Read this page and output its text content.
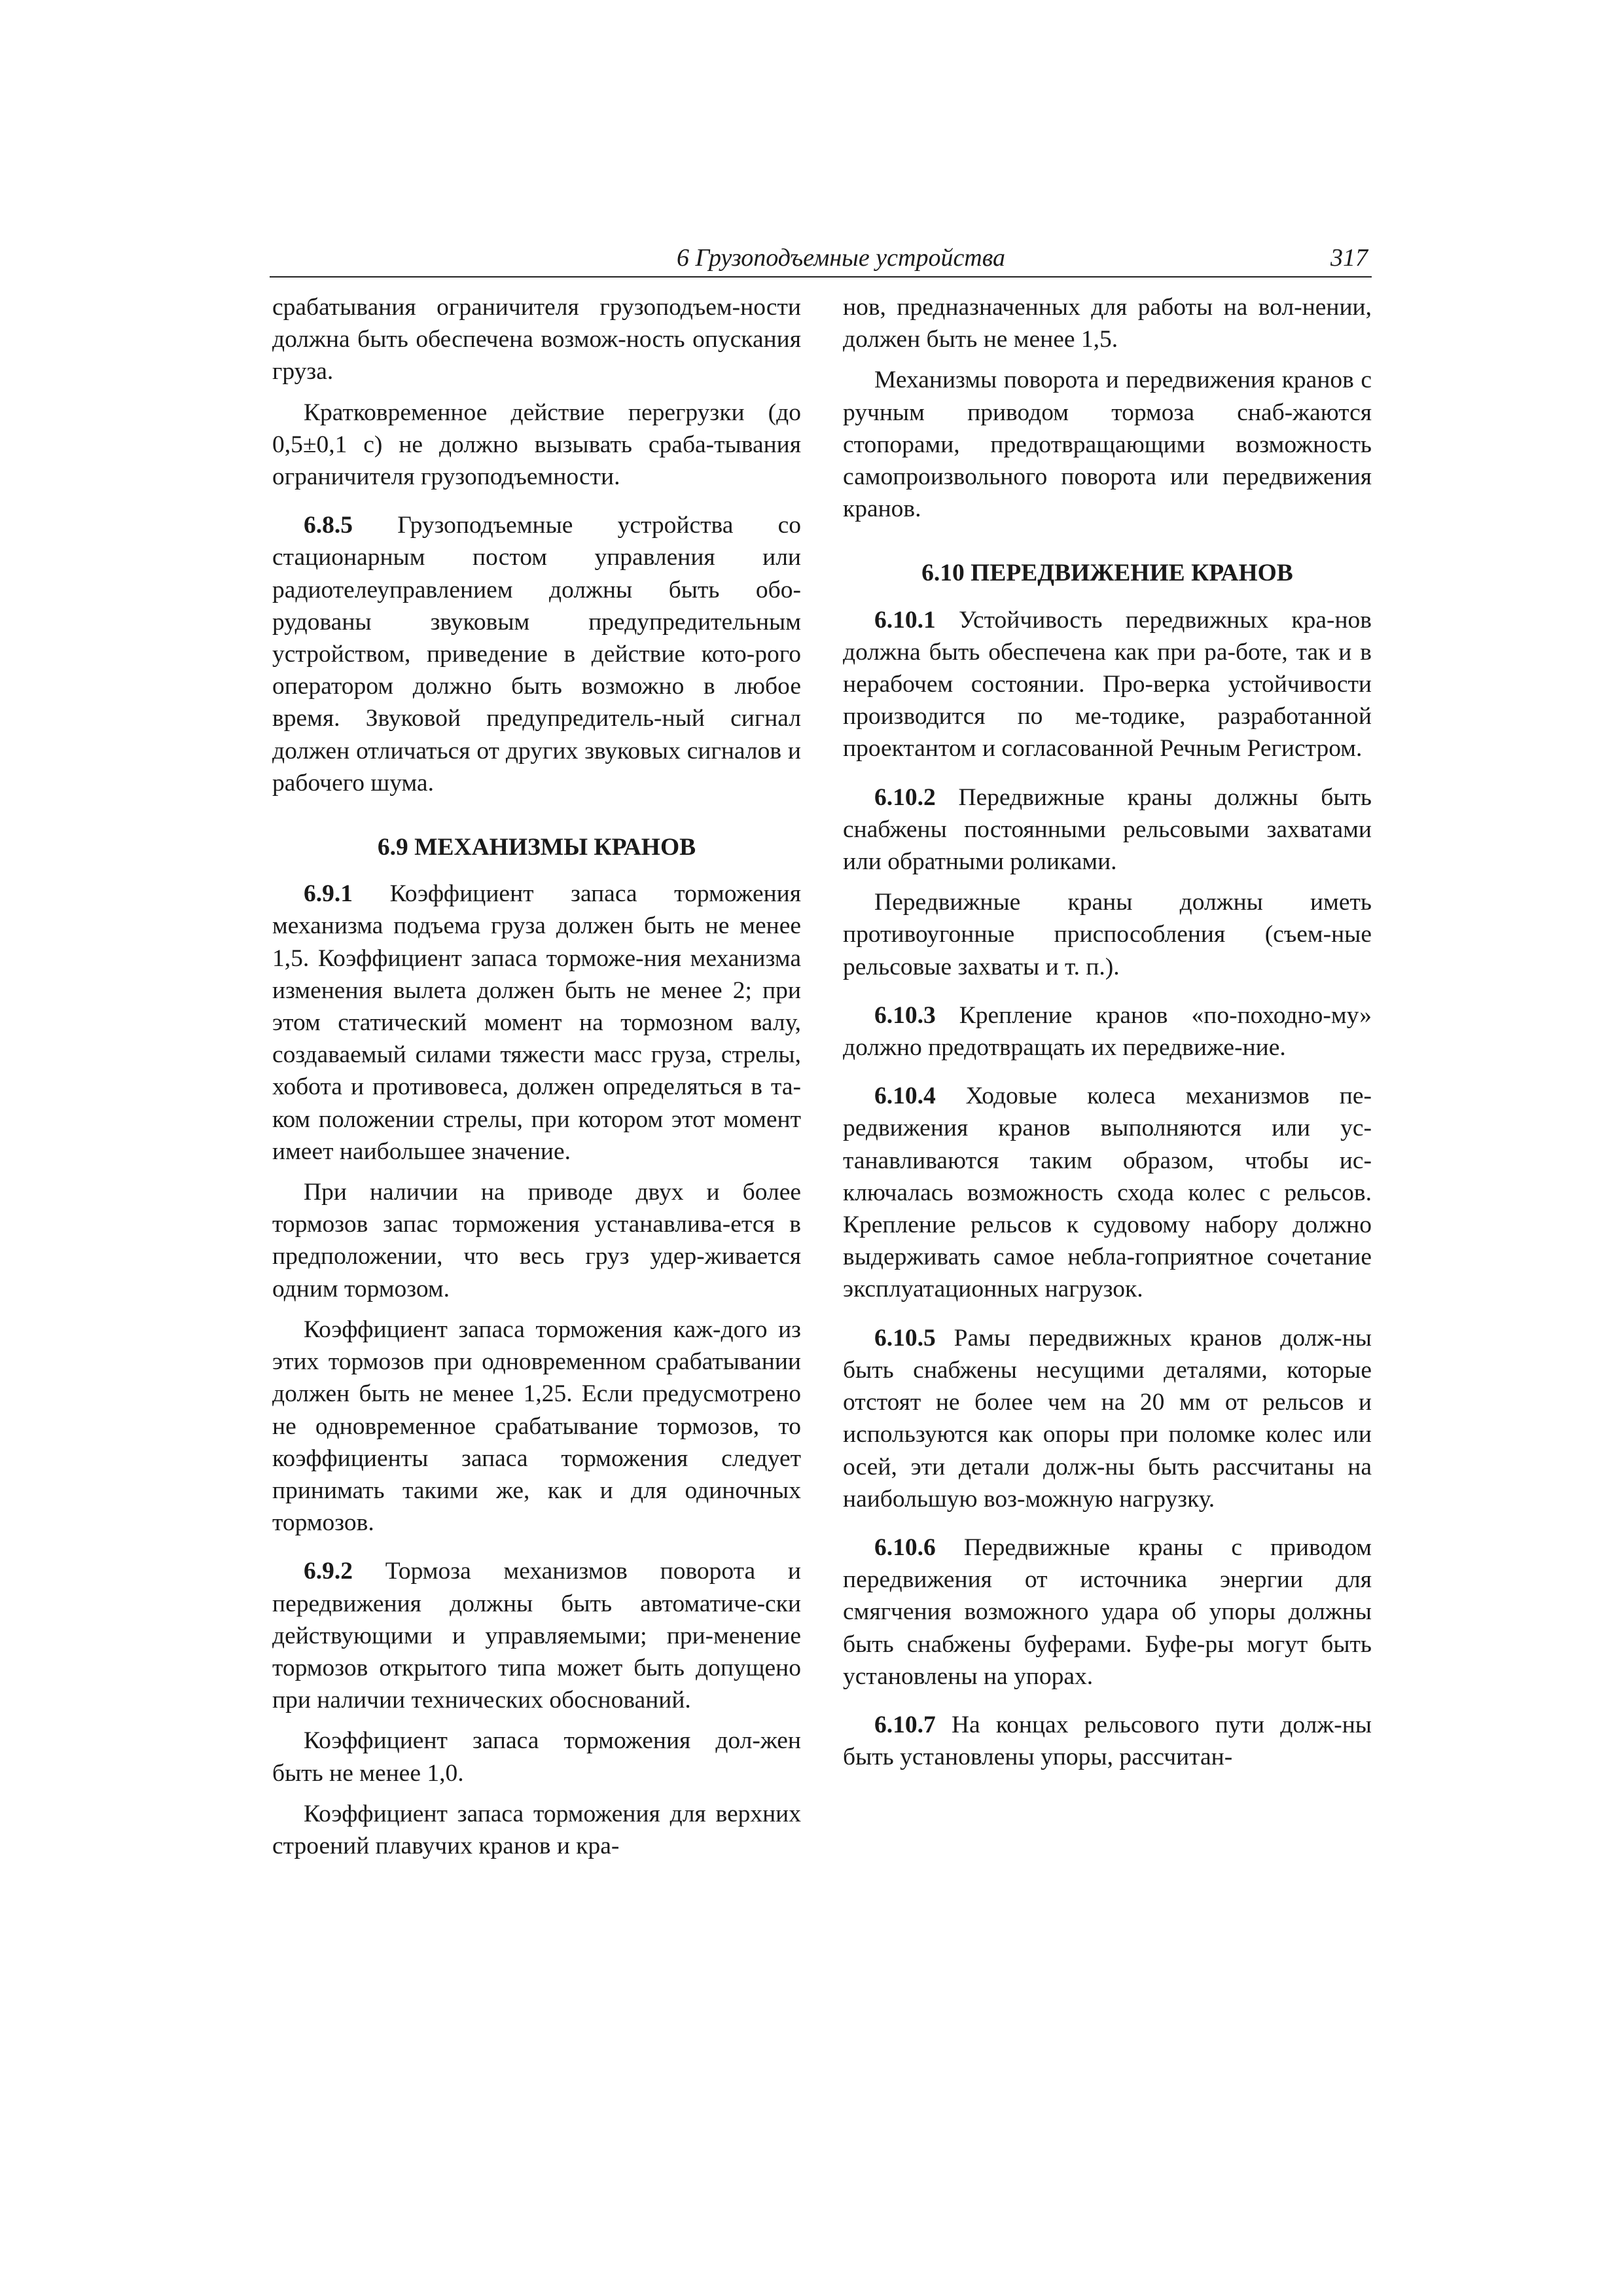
6 Грузоподъемные устройства	317

срабатывания ограничителя грузоподъем-ности должна быть обеспечена возмож-ность опускания груза.

Кратковременное действие перегрузки (до 0,5±0,1 с) не должно вызывать сраба-тывания ограничителя грузоподъемности.

6.8.5 Грузоподъемные устройства со стационарным постом управления или радиотелеуправлением должны быть обо-рудованы звуковым предупредительным устройством, приведение в действие кото-рого оператором должно быть возможно в любое время. Звуковой предупредитель-ный сигнал должен отличаться от других звуковых сигналов и рабочего шума.

6.9 МЕХАНИЗМЫ КРАНОВ

6.9.1 Коэффициент запаса торможения механизма подъема груза должен быть не менее 1,5. Коэффициент запаса торможе-ния механизма изменения вылета должен быть не менее 2; при этом статический момент на тормозном валу, создаваемый силами тяжести масс груза, стрелы, хобота и противовеса, должен определяться в та-ком положении стрелы, при котором этот момент имеет наибольшее значение.

При наличии на приводе двух и более тормозов запас торможения устанавлива-ется в предположении, что весь груз удер-живается одним тормозом.

Коэффициент запаса торможения каж-дого из этих тормозов при одновременном срабатывании должен быть не менее 1,25. Если предусмотрено не одновременное срабатывание тормозов, то коэффициенты запаса торможения следует принимать такими же, как и для одиночных тормозов.

6.9.2 Тормоза механизмов поворота и передвижения должны быть автоматиче-ски действующими и управляемыми; при-менение тормозов открытого типа может быть допущено при наличии технических обоснований.

Коэффициент запаса торможения дол-жен быть не менее 1,0.

Коэффициент запаса торможения для верхних строений плавучих кранов и кра-

нов, предназначенных для работы на вол-нении, должен быть не менее 1,5.

Механизмы поворота и передвижения кранов с ручным приводом тормоза снаб-жаются стопорами, предотвращающими возможность самопроизвольного поворота или передвижения кранов.

6.10 ПЕРЕДВИЖЕНИЕ КРАНОВ

6.10.1 Устойчивость передвижных кра-нов должна быть обеспечена как при ра-боте, так и в нерабочем состоянии. Про-верка устойчивости производится по ме-тодике, разработанной проектантом и согласованной Речным Регистром.

6.10.2 Передвижные краны должны быть снабжены постоянными рельсовыми захватами или обратными роликами.

Передвижные краны должны иметь противоугонные приспособления (съем-ные рельсовые захваты и т. п.).

6.10.3 Крепление кранов «по-походно-му» должно предотвращать их передвиже-ние.

6.10.4 Ходовые колеса механизмов пе-редвижения кранов выполняются или ус-танавливаются таким образом, чтобы ис-ключалась возможность схода колес с рельсов. Крепление рельсов к судовому набору должно выдерживать самое небла-гоприятное сочетание эксплуатационных нагрузок.

6.10.5 Рамы передвижных кранов долж-ны быть снабжены несущими деталями, которые отстоят не более чем на 20 мм от рельсов и используются как опоры при поломке колес или осей, эти детали долж-ны быть рассчитаны на наибольшую воз-можную нагрузку.

6.10.6 Передвижные краны с приводом передвижения от источника энергии для смягчения возможного удара об упоры должны быть снабжены буферами. Буфе-ры могут быть установлены на упорах.

6.10.7 На концах рельсового пути долж-ны быть установлены упоры, рассчитан-
